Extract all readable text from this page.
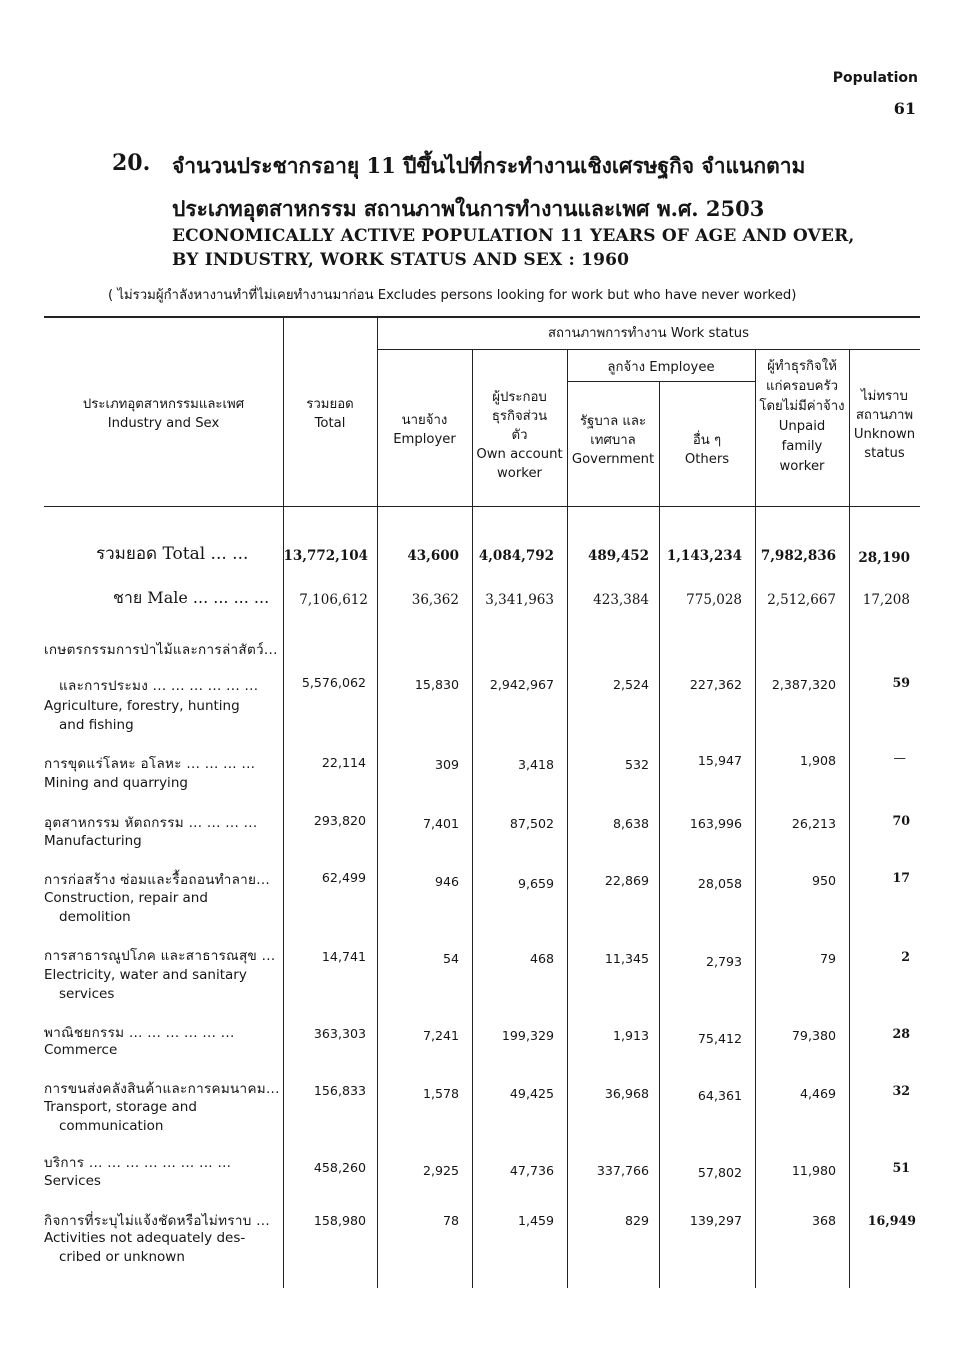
Population
61
20. จำนวนประชากรอายุ 11 ปีขึ้นไปที่กระทำงานเชิงเศรษฐกิจ จำแนกตาม
ประเภทอุตสาหกรรม สถานภาพในการทำงานและเพศ พ.ศ. 2503
ECONOMICALLY ACTIVE POPULATION 11 YEARS OF AGE AND OVER,
BY INDUSTRY, WORK STATUS AND SEX : 1960
( ไม่รวมผู้กำลังหางานทำที่ไม่เคยทำงานมาก่อน Excludes persons looking for work but who have never worked)
ประเภทอุตสาหกรรมและเพศ
Industry and Sex
รวมยอด
Total
สถานภาพการทำงาน Work status
นายจ้าง
Employer
ผู้ประกอบ ธุรกิจส่วนตัว
Own account
worker
ลูกจ้าง Employee
รัฐบาล และ เทศบาล
Government
อื่น ๆ
Others
ผู้ทำธุรกิจให้
แก่ครอบครัว
โดยไม่มีค่าจ้าง
Unpaid
family
worker
ไม่ทราบ
สถานภาพ
Unknown
status
รวมยอด Total ... ...	13,772,104	43,600 4,084,792	489,452 1,143,234 7,982,836 28,190
ชาย Male ... ... ... ... 7,106,612	36,362 3,341,963	423,384	775,028 2,512,667 17,208
เกษตรกรรมการป่าไม้และการล่าสัตว์...
และการประมง ... ... ... ... ... ...
Agriculture, forestry, hunting
and fishing
5,576,062	15,830 2,942,967	2,524	227,362 2,387,320	59
การขุดแร่โลหะ อโลหะ ... ... ... ...
Mining and quarrying
22,114	309	3,418	532	15,947	1,908	—
อุตสาหกรรม หัตถกรรม ... ... ... ...
Manufacturing
293,820	7,401	87,502	8,638	163,996	26,213	70
การก่อสร้าง ซ่อมและรื้อถอนทำลาย...
Construction, repair and
demolition
62,499	946	9,659	22,869	28,058	950	17
การสาธารณูปโภค และสาธารณสุข ...
Electricity, water and sanitary
services
14,741	54	468	11,345	2,793	79	2
พาณิชยกรรม ... ... ... ... ... ...
Commerce
363,303	7,241	199,329	1,913	75,412	79,380	28
การขนส่งคลังสินค้าและการคมนาคม...
Transport, storage and
communication
156,833	1,578	49,425	36,968	64,361	4,469	32
บริการ ... ... ... ... ... ... ... ...
Services
458,260	2,925	47,736	337,766	57,802	11,980	51
กิจการที่ระบุไม่แจ้งชัดหรือไม่ทราบ ...
Activities not adequately des-
cribed or unknown
158,980	78	1,459	829	139,297	368	16,949
